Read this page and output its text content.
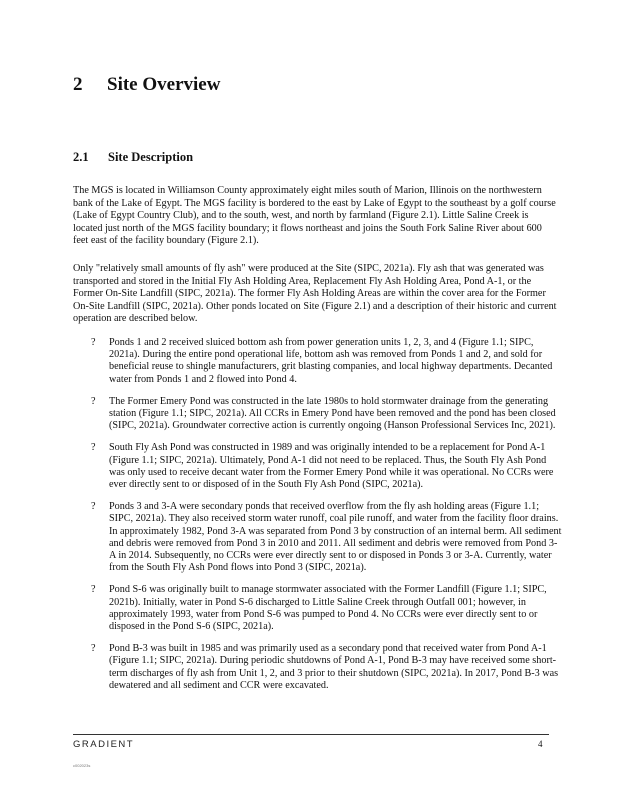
2 Site Overview
2.1 Site Description

The MGS is located in Williamson County approximately eight miles south of Marion, Illinois on the northwestern bank of the Lake of Egypt. The MGS facility is bordered to the east by Lake of Egypt to the southeast by a golf course (Lake of Egypt Country Club), and to the south, west, and north by farmland (Figure 2.1). Little Saline Creek is located just north of the MGS facility boundary; it flows northeast and joins the South Fork Saline River about 600 feet east of the facility boundary (Figure 2.1).

Only "relatively small amounts of fly ash" were produced at the Site (SIPC, 2021a). Fly ash that was generated was transported and stored in the Initial Fly Ash Holding Area, Replacement Fly Ash Holding Area, Pond A-1, or the Former On-Site Landfill (SIPC, 2021a). The former Fly Ash Holding Areas are within the cover area for the Former On-Site Landfill (SIPC, 2021a). Other ponds located on Site (Figure 2.1) and a description of their historic and current operation are described below.

? Ponds 1 and 2 received sluiced bottom ash from power generation units 1, 2, 3, and 4 (Figure 1.1; SIPC, 2021a). During the entire pond operational life, bottom ash was removed from Ponds 1 and 2, and sold for beneficial reuse to shingle manufacturers, grit blasting companies, and local highway departments. Decanted water from Ponds 1 and 2 flowed into Pond 4.
? The Former Emery Pond was constructed in the late 1980s to hold stormwater drainage from the generating station (Figure 1.1; SIPC, 2021a). All CCRs in Emery Pond have been removed and the pond has been closed (SIPC, 2021a). Groundwater corrective action is currently ongoing (Hanson Professional Services Inc, 2021).
? South Fly Ash Pond was constructed in 1989 and was originally intended to be a replacement for Pond A-1 (Figure 1.1; SIPC, 2021a). Ultimately, Pond A-1 did not need to be replaced. Thus, the South Fly Ash Pond was only used to receive decant water from the Former Emery Pond while it was operational. No CCRs were ever directly sent to or disposed of in the South Fly Ash Pond (SIPC, 2021a).
? Ponds 3 and 3-A were secondary ponds that received overflow from the fly ash holding areas (Figure 1.1; SIPC, 2021a). They also received storm water runoff, coal pile runoff, and water from the facility floor drains. In approximately 1982, Pond 3-A was separated from Pond 3 by construction of an internal berm. All sediment and debris were removed from Pond 3 in 2010 and 2011. All sediment and debris were removed from Pond 3-A in 2014. Subsequently, no CCRs were ever directly sent to or disposed in Ponds 3 or 3-A. Currently, water from the South Fly Ash Pond flows into Pond 3 (SIPC, 2021a).
? Pond S-6 was originally built to manage stormwater associated with the Former Landfill (Figure 1.1; SIPC, 2021b). Initially, water in Pond S-6 discharged to Little Saline Creek through Outfall 001; however, in approximately 1993, water from Pond S-6 was pumped to Pond 4. No CCRs were ever directly sent to or disposed in the Pond S-6 (SIPC, 2021a).
? Pond B-3 was built in 1985 and was primarily used as a secondary pond that received water from Pond A-1 (Figure 1.1; SIPC, 2021a). During periodic shutdowns of Pond A-1, Pond B-3 may have received some short-term discharges of fly ash from Unit 1, 2, and 3 prior to their shutdown (SIPC, 2021a). In 2017, Pond B-3 was dewatered and all sediment and CCR were excavated.
GRADIENT	4
c002023s
